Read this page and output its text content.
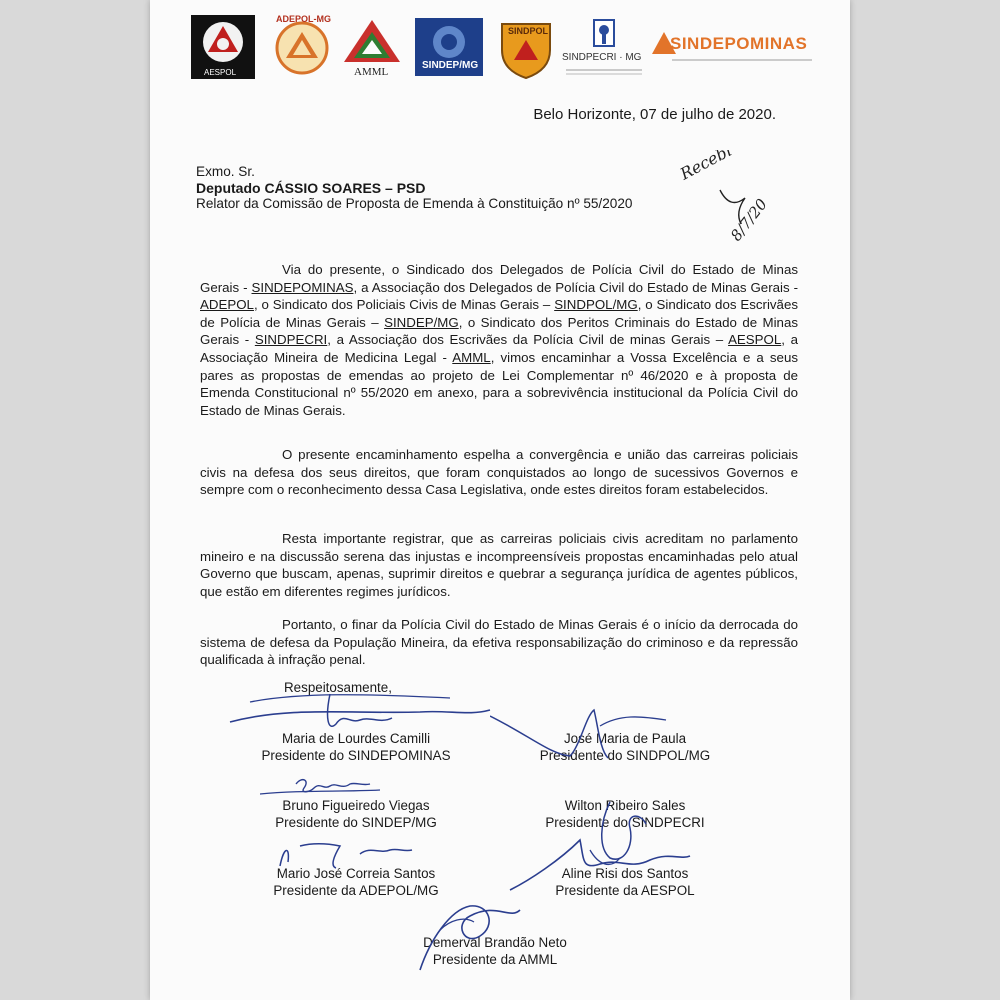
AESPOL
ADEPOL-MG
AMML
SINDEP/MG
SINDPOL
SINDPECRI · MG
SINDEPOMINAS
Belo Horizonte, 07 de julho de 2020.
Exmo. Sr.
Deputado CÁSSIO SOARES – PSD
Relator da Comissão de Proposta de Emenda à Constituição nº 55/2020
Recebi
8/7/20
Via do presente, o Sindicado dos Delegados de Polícia Civil do Estado de Minas Gerais - SINDEPOMINAS, a Associação dos Delegados de Polícia Civil do Estado de Minas Gerais - ADEPOL, o Sindicato dos Policiais Civis de Minas Gerais – SINDPOL/MG, o Sindicato dos Escrivães de Polícia de Minas Gerais – SINDEP/MG, o Sindicato dos Peritos Criminais do Estado de Minas Gerais - SINDPECRI, a Associação dos Escrivães da Polícia Civil de minas Gerais – AESPOL, a Associação Mineira de Medicina Legal - AMML, vimos encaminhar a Vossa Excelência e a seus pares as propostas de emendas ao projeto de Lei Complementar nº 46/2020 e à proposta de Emenda Constitucional nº 55/2020 em anexo, para a sobrevivência institucional da Polícia Civil do Estado de Minas Gerais.
O presente encaminhamento espelha a convergência e união das carreiras policiais civis na defesa dos seus direitos, que foram conquistados ao longo de sucessivos Governos e sempre com o reconhecimento dessa Casa Legislativa, onde estes direitos foram estabelecidos.
Resta importante registrar, que as carreiras policiais civis acreditam no parlamento mineiro e na discussão serena das injustas e incompreensíveis propostas encaminhadas pelo atual Governo que buscam, apenas, suprimir direitos e quebrar a segurança jurídica de agentes públicos, que estão em diferentes regimes jurídicos.
Portanto, o finar da Polícia Civil do Estado de Minas Gerais é o início da derrocada do sistema de defesa da População Mineira, da efetiva responsabilização do criminoso e da repressão qualificada à infração penal.
Respeitosamente,
Maria de Lourdes Camilli
Presidente do SINDEPOMINAS
José Maria de Paula
Presidente do SINDPOL/MG
Bruno Figueiredo Viegas
Presidente do SINDEP/MG
Wilton Ribeiro Sales
Presidente do SINDPECRI
Mario José Correia Santos
Presidente da ADEPOL/MG
Aline Risi dos Santos
Presidente da AESPOL
Demerval Brandão Neto
Presidente da AMML
